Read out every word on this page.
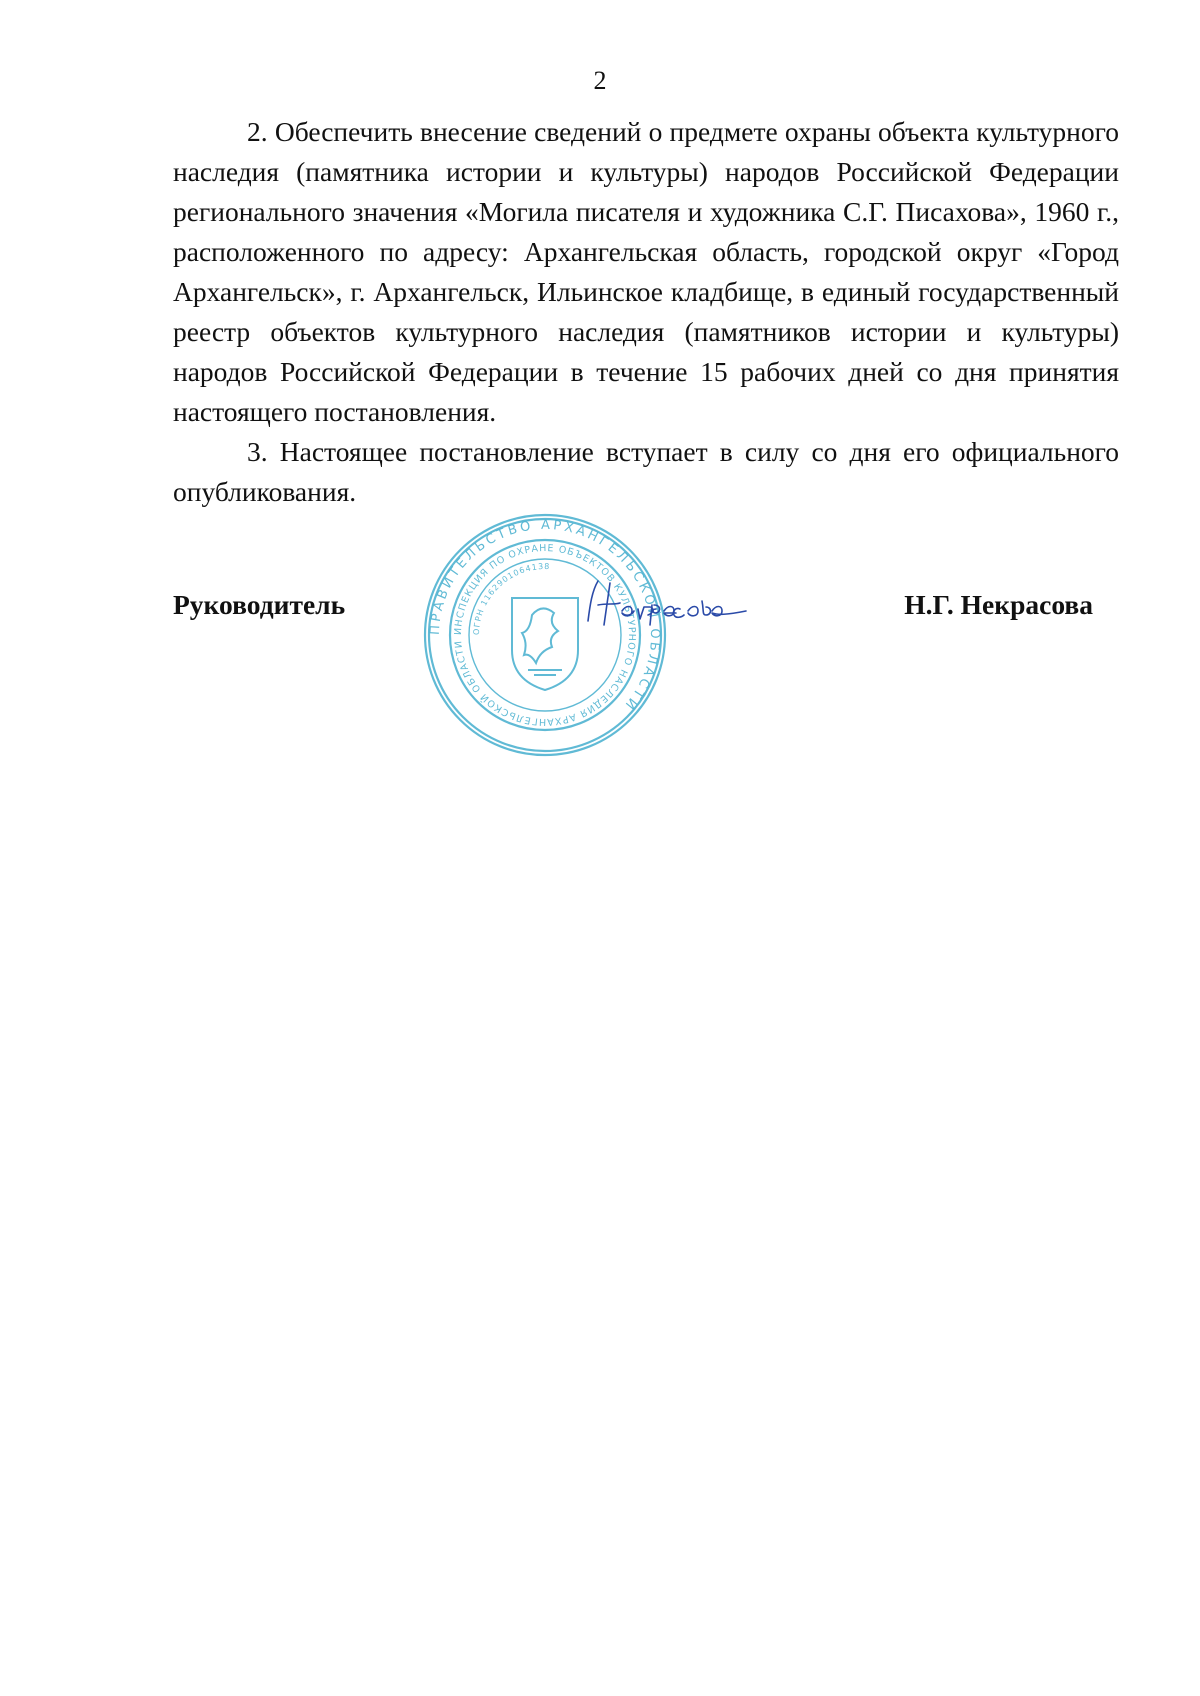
2

2. Обеспечить внесение сведений о предмете охраны объекта культурного наследия (памятника истории и культуры) народов Российской Федерации регионального значения «Могила писателя и художника С.Г. Писахова», 1960 г., расположенного по адресу: Архангельская область, городской округ «Город Архангельск», г. Архангельск, Ильинское кладбище, в единый государственный реестр объектов культурного наследия (памятников истории и культуры) народов Российской Федерации в течение 15 рабочих дней со дня принятия настоящего постановления.

3. Настоящее постановление вступает в силу со дня его официального опубликования.

Руководитель	Н.Г. Некрасова
ПРАВИТЕЛЬСТВО АРХАНГЕЛЬСКОЙ ОБЛАСТИ
ИНСПЕКЦИЯ ПО ОХРАНЕ ОБЪЕКТОВ КУЛЬТУРНОГО НАСЛЕДИЯ АРХАНГЕЛЬСКОЙ ОБЛАСТИ
ОГРН 1162901064138
